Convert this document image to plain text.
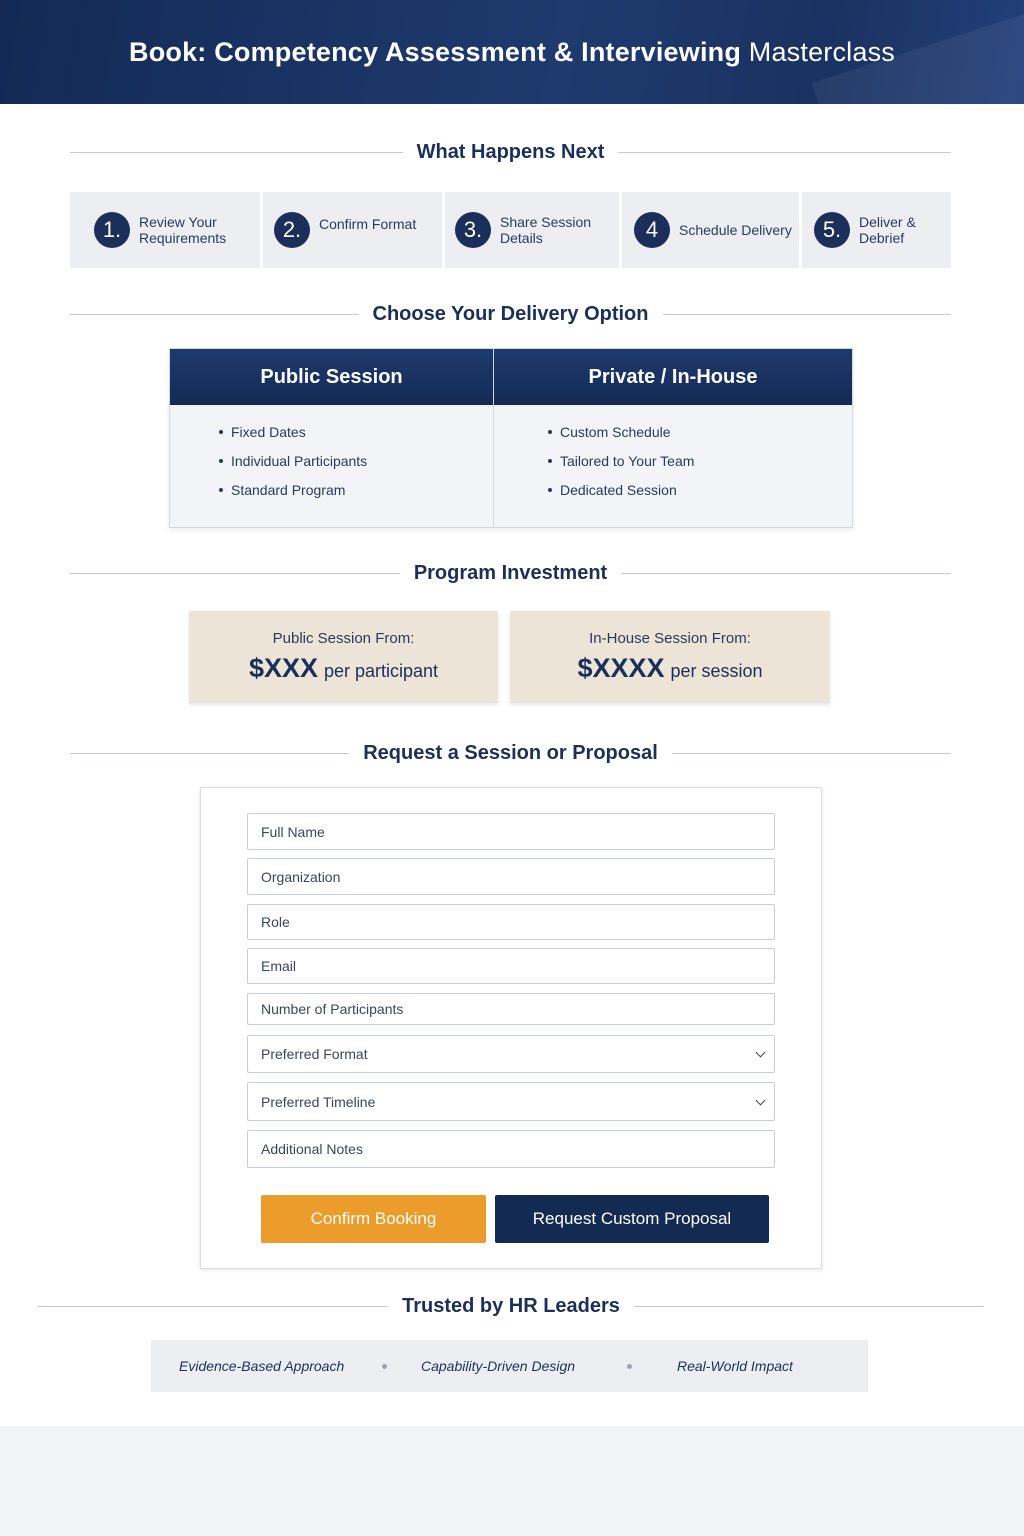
Book: Competency Assessment & Interviewing Masterclass
What Happens Next
1.	Review Your Requirements	2.	Confirm Format	3.	Share Session Details	4	Schedule Delivery	5.	Deliver & Debrief
Choose Your Delivery Option
Public Session
Fixed Dates
Individual Participants
Standard Program
Private / In-House
Custom Schedule
Tailored to Your Team
Dedicated Session
Program Investment
Public Session From:
$XXX per participant
In-House Session From:
$XXXX per session
Request a Session or Proposal
Full Name
Organization
Role
Email
Number of Participants
Preferred Format
Preferred Timeline
Additional Notes
Confirm Booking	Request Custom Proposal
Trusted by HR Leaders
Evidence-Based Approach	Capability-Driven Design	Real-World Impact
